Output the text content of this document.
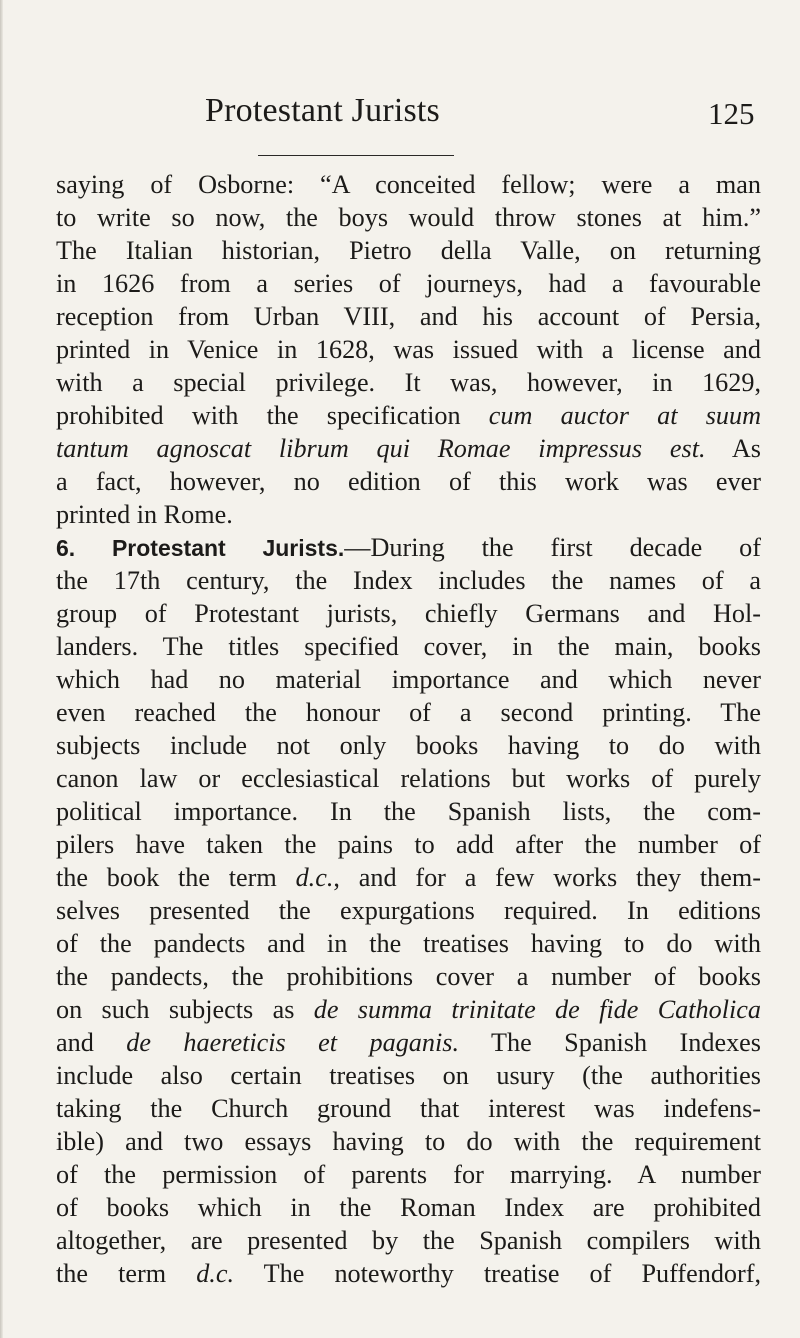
Protestant Jurists	125
saying of Osborne: “A conceited fellow; were a man
to write so now, the boys would throw stones at him.”
The Italian historian, Pietro della Valle, on returning
in 1626 from a series of journeys, had a favourable
reception from Urban VIII, and his account of Persia,
printed in Venice in 1628, was issued with a license and
with a special privilege. It was, however, in 1629,
prohibited with the specification cum auctor at suum
tantum agnoscat librum qui Romae impressus est. As
a fact, however, no edition of this work was ever
printed in Rome.
6. Protestant Jurists.—During the first decade of
the 17th century, the Index includes the names of a
group of Protestant jurists, chiefly Germans and Hol-
landers. The titles specified cover, in the main, books
which had no material importance and which never
even reached the honour of a second printing. The
subjects include not only books having to do with
canon law or ecclesiastical relations but works of purely
political importance. In the Spanish lists, the com-
pilers have taken the pains to add after the number of
the book the term d.c., and for a few works they them-
selves presented the expurgations required. In editions
of the pandects and in the treatises having to do with
the pandects, the prohibitions cover a number of books
on such subjects as de summa trinitate de fide Catholica
and de haereticis et paganis. The Spanish Indexes
include also certain treatises on usury (the authorities
taking the Church ground that interest was indefens-
ible) and two essays having to do with the requirement
of the permission of parents for marrying. A number
of books which in the Roman Index are prohibited
altogether, are presented by the Spanish compilers with
the term d.c. The noteworthy treatise of Puffendorf,
